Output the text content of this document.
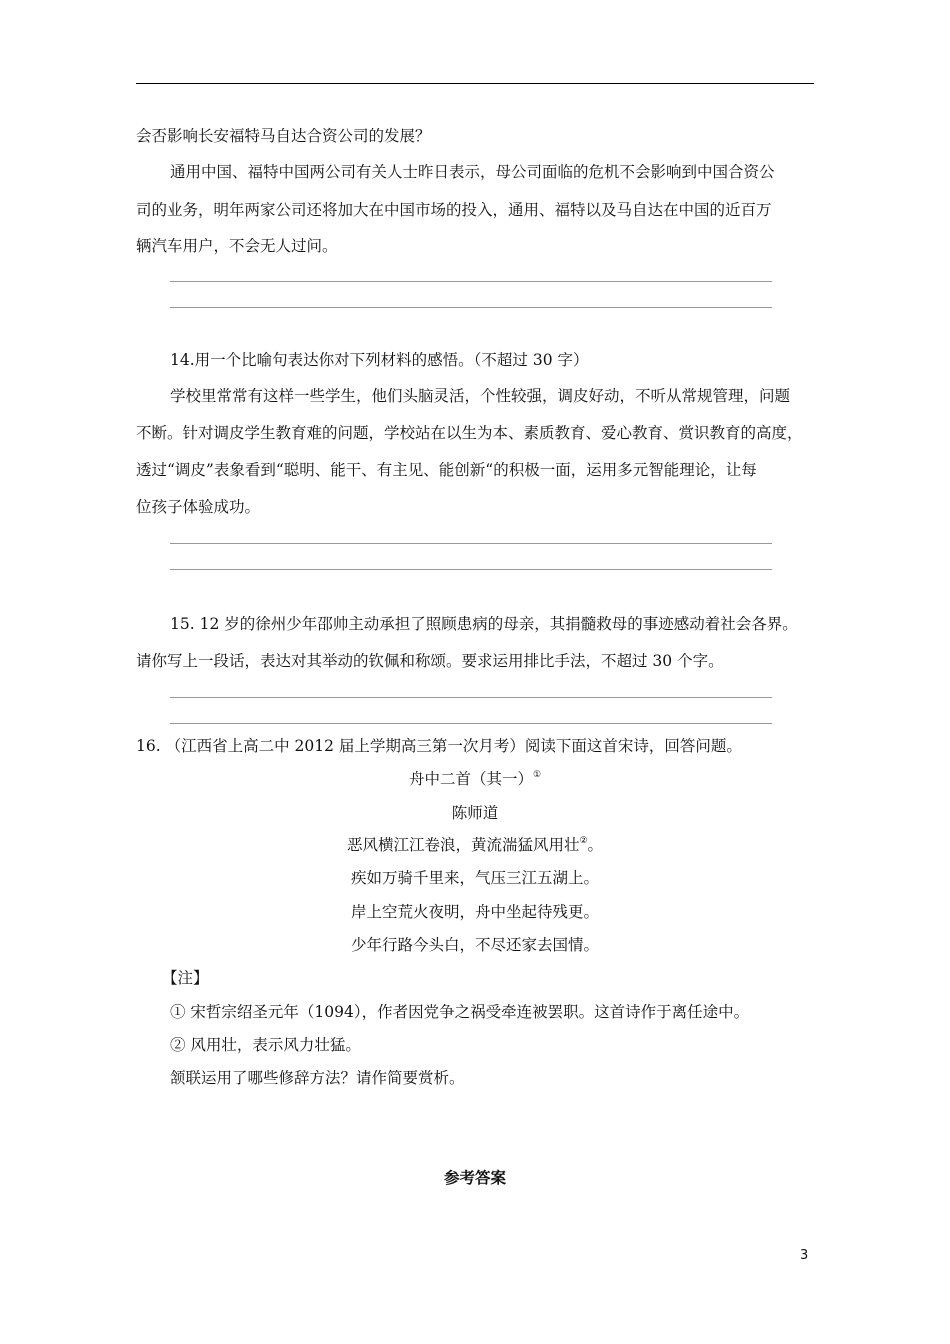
会否影响长安福特马自达合资公司的发展？
通用中国、福特中国两公司有关人士昨日表示，母公司面临的危机不会影响到中国合资公
司的业务，明年两家公司还将加大在中国市场的投入，通用、福特以及马自达在中国的近百万
辆汽车用户，不会无人过问。
14.用一个比喻句表达你对下列材料的感悟。（不超过 30 字）
学校里常常有这样一些学生，他们头脑灵活，个性较强，调皮好动，不听从常规管理，问题
不断。针对调皮学生教育难的问题，学校站在以生为本、素质教育、爱心教育、赏识教育的高度，
透过“调皮”表象看到“聪明、能干、有主见、能创新“的积极一面，运用多元智能理论，让每
位孩子体验成功。
15. 12 岁的徐州少年邵帅主动承担了照顾患病的母亲，其捐髓救母的事迹感动着社会各界。
请你写上一段话，表达对其举动的钦佩和称颂。要求运用排比手法，不超过 30 个字。
16. （江西省上高二中 2012 届上学期高三第一次月考）阅读下面这首宋诗，回答问题。
舟中二首（其一）①
陈师道
恶风横江江卷浪，黄流湍猛风用壮②。
疾如万骑千里来，气压三江五湖上。
岸上空荒火夜明，舟中坐起待残更。
少年行路今头白，不尽还家去国情。
【注】
① 宋哲宗绍圣元年（1094），作者因党争之祸受牵连被罢职。这首诗作于离任途中。
② 风用壮，表示风力壮猛。
颔联运用了哪些修辞方法？请作简要赏析。
参考答案
3
